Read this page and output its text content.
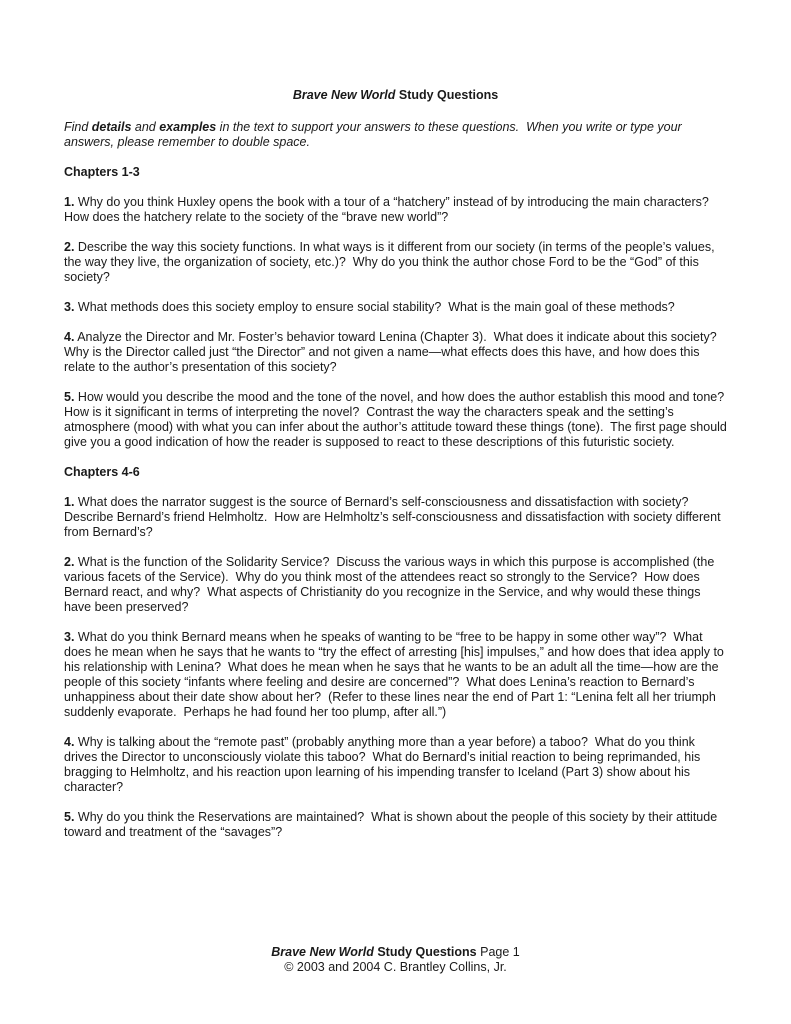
Brave New World Study Questions

Find details and examples in the text to support your answers to these questions.  When you write or type your answers, please remember to double space.

Chapters 1-3

1. Why do you think Huxley opens the book with a tour of a “hatchery” instead of by introducing the main characters?  How does the hatchery relate to the society of the “brave new world”?

2. Describe the way this society functions. In what ways is it different from our society (in terms of the people’s values, the way they live, the organization of society, etc.)?  Why do you think the author chose Ford to be the “God” of this society?

3. What methods does this society employ to ensure social stability?  What is the main goal of these methods?

4. Analyze the Director and Mr. Foster’s behavior toward Lenina (Chapter 3).  What does it indicate about this society?  Why is the Director called just “the Director” and not given a name—what effects does this have, and how does this relate to the author’s presentation of this society?

5. How would you describe the mood and the tone of the novel, and how does the author establish this mood and tone?  How is it significant in terms of interpreting the novel?  Contrast the way the characters speak and the setting’s atmosphere (mood) with what you can infer about the author’s attitude toward these things (tone).  The first page should give you a good indication of how the reader is supposed to react to these descriptions of this futuristic society.

Chapters 4-6

1. What does the narrator suggest is the source of Bernard’s self-consciousness and dissatisfaction with society?  Describe Bernard’s friend Helmholtz.  How are Helmholtz’s self-consciousness and dissatisfaction with society different from Bernard’s?

2. What is the function of the Solidarity Service?  Discuss the various ways in which this purpose is accomplished (the various facets of the Service).  Why do you think most of the attendees react so strongly to the Service?  How does Bernard react, and why?  What aspects of Christianity do you recognize in the Service, and why would these things have been preserved?

3. What do you think Bernard means when he speaks of wanting to be “free to be happy in some other way”?  What does he mean when he says that he wants to “try the effect of arresting [his] impulses,” and how does that idea apply to his relationship with Lenina?  What does he mean when he says that he wants to be an adult all the time—how are the people of this society “infants where feeling and desire are concerned”?  What does Lenina’s reaction to Bernard’s unhappiness about their date show about her?  (Refer to these lines near the end of Part 1: “Lenina felt all her triumph suddenly evaporate.  Perhaps he had found her too plump, after all.”)

4. Why is talking about the “remote past” (probably anything more than a year before) a taboo?  What do you think drives the Director to unconsciously violate this taboo?  What do Bernard’s initial reaction to being reprimanded, his bragging to Helmholtz, and his reaction upon learning of his impending transfer to Iceland (Part 3) show about his character?

5. Why do you think the Reservations are maintained?  What is shown about the people of this society by their attitude toward and treatment of the “savages”?

Brave New World Study Questions Page 1

© 2003 and 2004 C. Brantley Collins, Jr.
